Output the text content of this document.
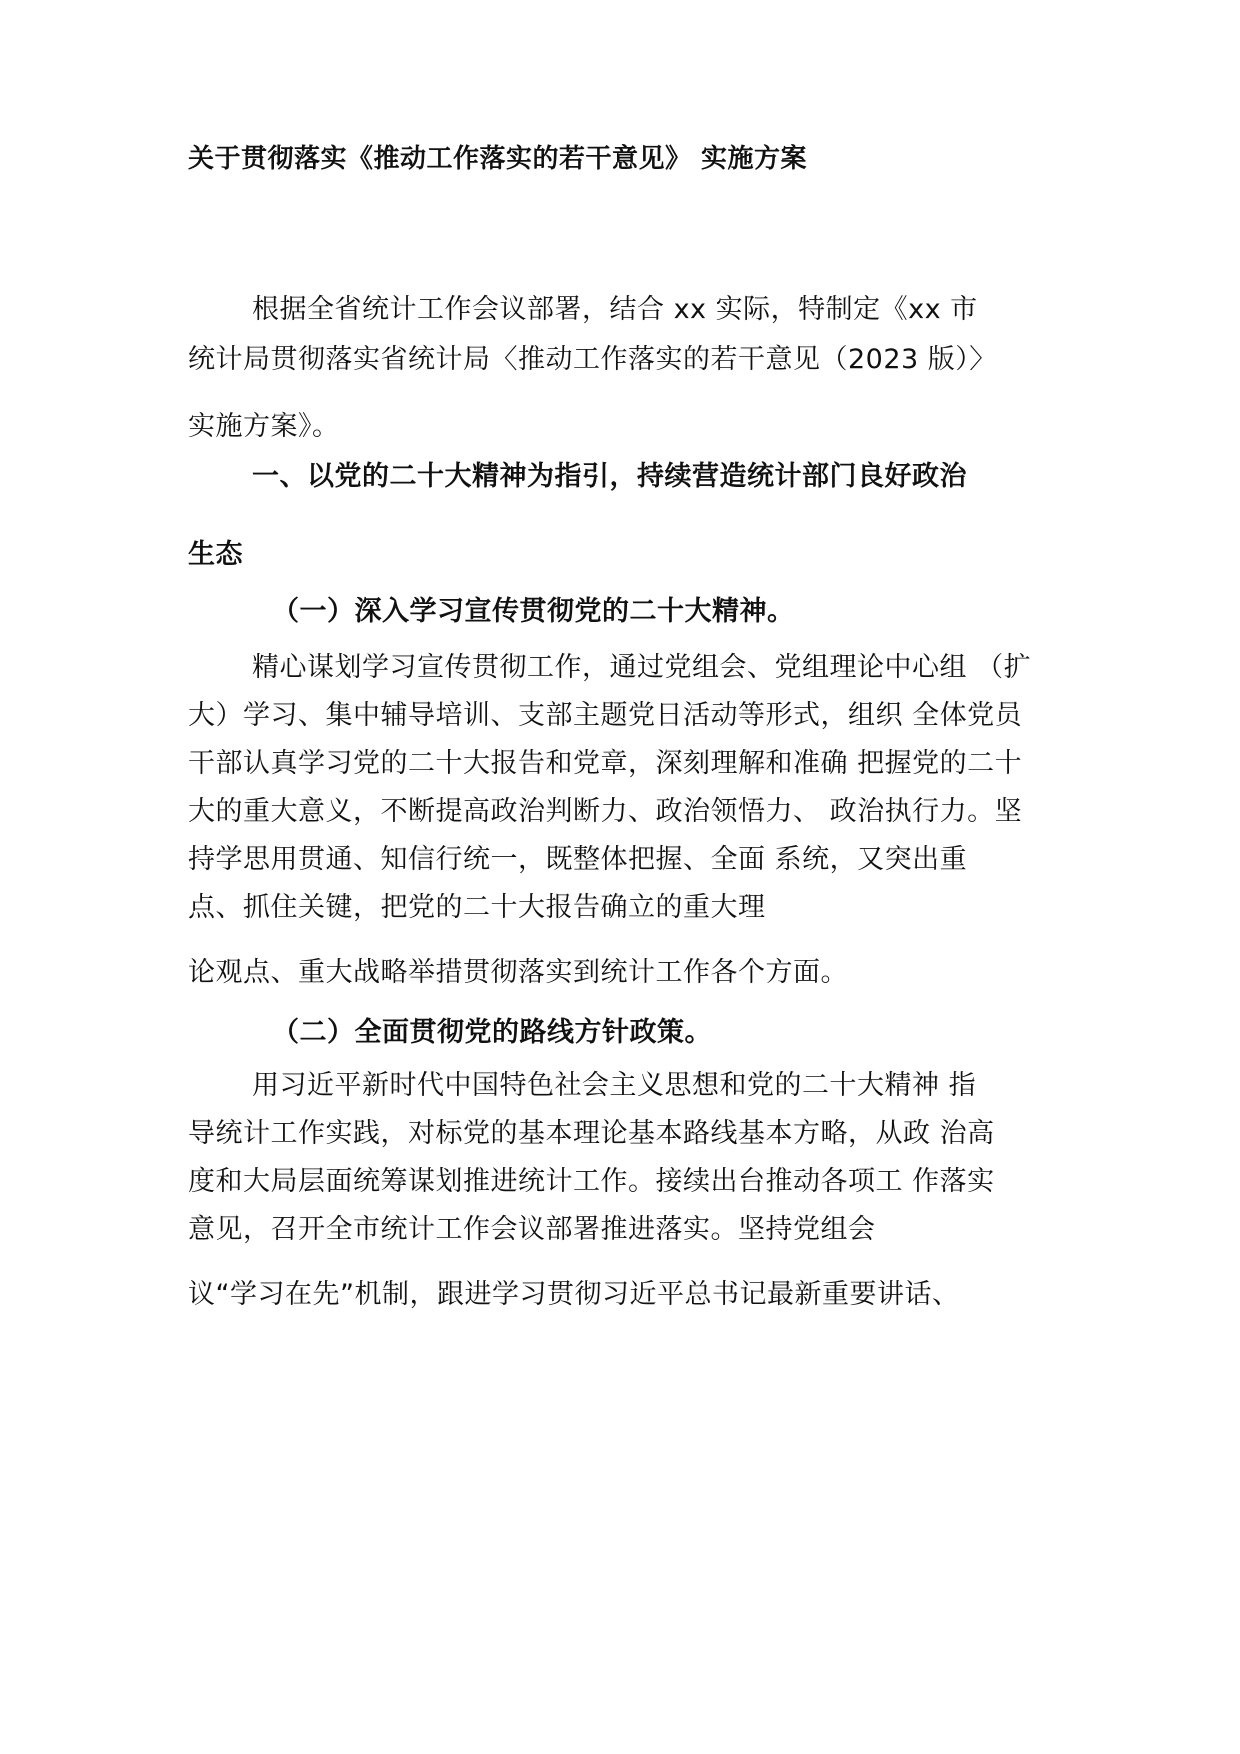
关于贯彻落实《推动工作落实的若干意见》 实施方案
根据全省统计工作会议部署，结合 xx 实际，特制定《xx 市
统计局贯彻落实省统计局〈推动工作落实的若干意见（2023 版）〉
实施方案》。
一、以党的二十大精神为指引，持续营造统计部门良好政治
生态
（一）深入学习宣传贯彻党的二十大精神。
精心谋划学习宣传贯彻工作，通过党组会、党组理论中心组 （扩
大）学习、集中辅导培训、支部主题党日活动等形式，组织 全体党员
干部认真学习党的二十大报告和党章，深刻理解和准确 把握党的二十
大的重大意义，不断提高政治判断力、政治领悟力、 政治执行力。坚
持学思用贯通、知信行统一，既整体把握、全面 系统，又突出重
点、抓住关键，把党的二十大报告确立的重大理
论观点、重大战略举措贯彻落实到统计工作各个方面。
（二）全面贯彻党的路线方针政策。
用习近平新时代中国特色社会主义思想和党的二十大精神 指
导统计工作实践，对标党的基本理论基本路线基本方略，从政 治高
度和大局层面统筹谋划推进统计工作。接续出台推动各项工 作落实
意见，召开全市统计工作会议部署推进落实。坚持党组会
议“学习在先”机制，跟进学习贯彻习近平总书记最新重要讲话、
